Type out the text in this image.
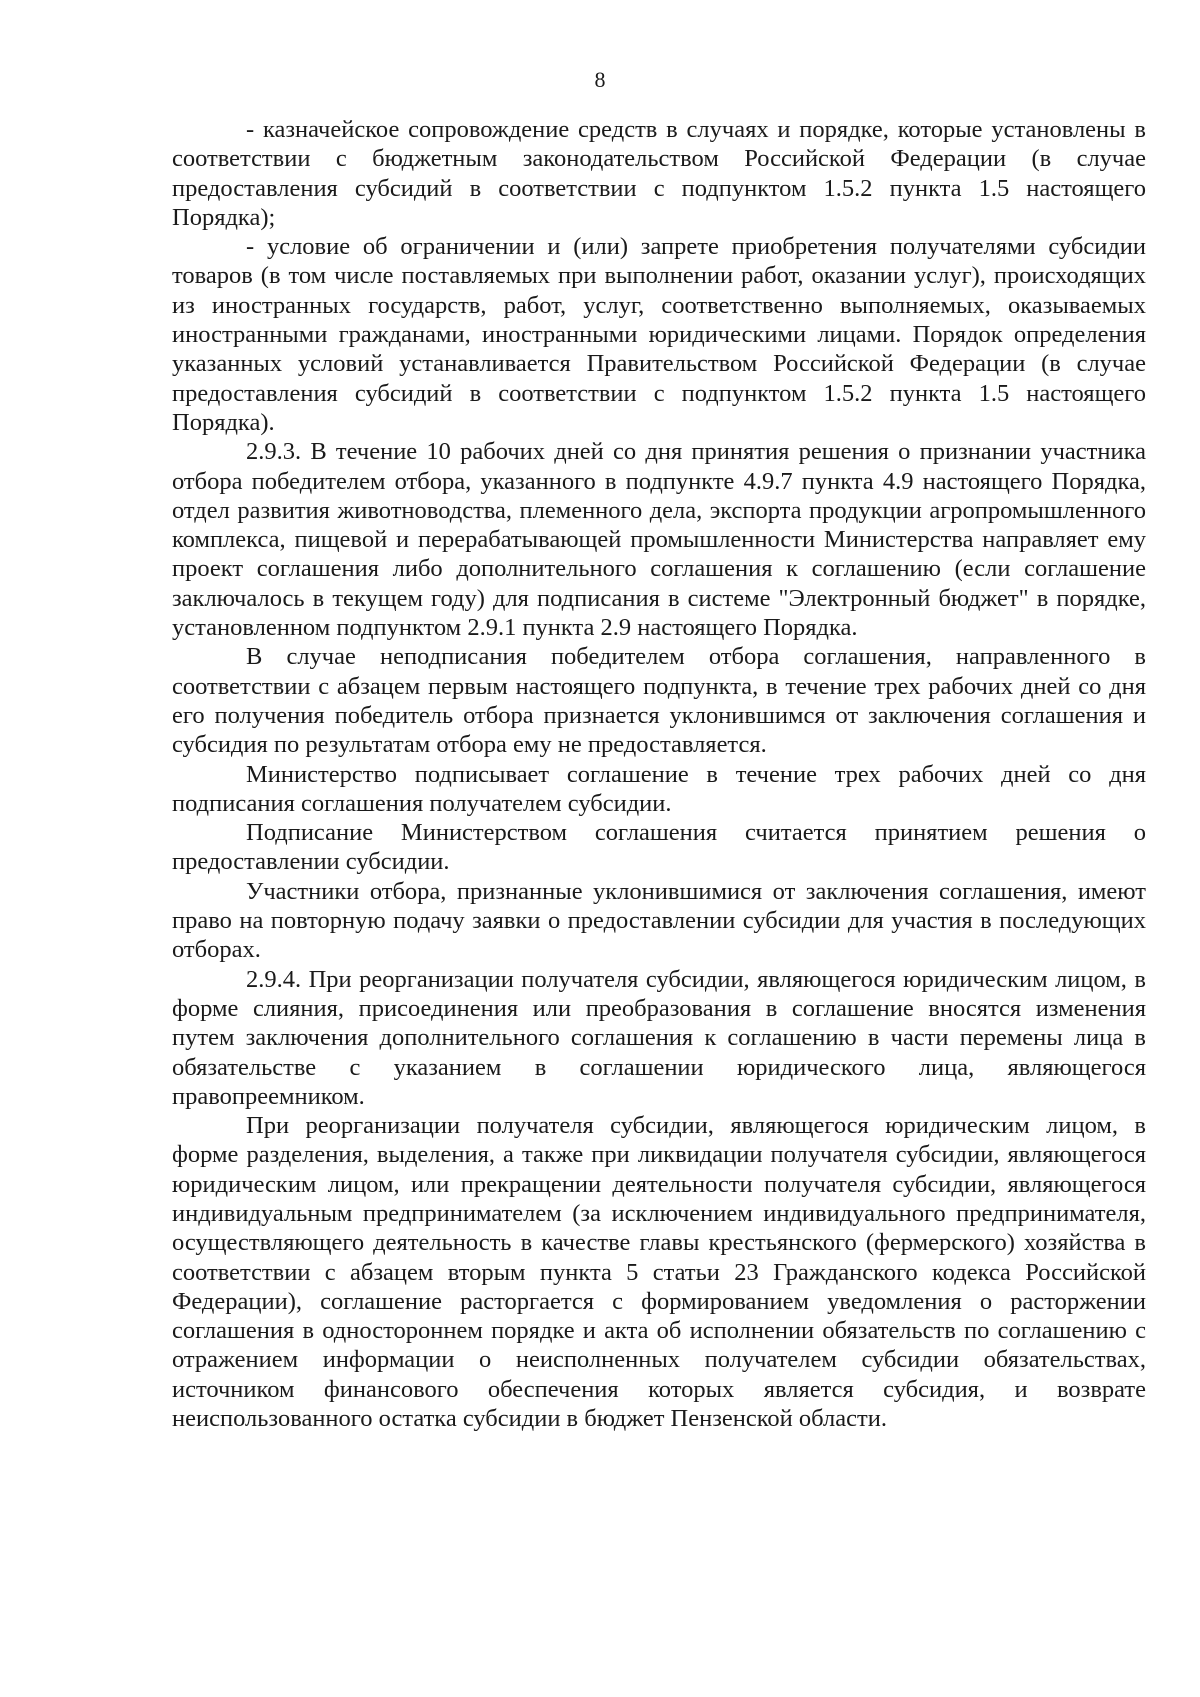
8

- казначейское сопровождение средств в случаях и порядке, которые установлены в соответствии с бюджетным законодательством Российской Федерации (в случае предоставления субсидий в соответствии с подпунктом 1.5.2 пункта 1.5 настоящего Порядка);

- условие об ограничении и (или) запрете приобретения получателями субсидии товаров (в том числе поставляемых при выполнении работ, оказании услуг), происходящих из иностранных государств, работ, услуг, соответственно выполняемых, оказываемых иностранными гражданами, иностранными юридическими лицами. Порядок определения указанных условий устанавливается Правительством Российской Федерации (в случае предоставления субсидий в соответствии с подпунктом 1.5.2 пункта 1.5 настоящего Порядка).

2.9.3. В течение 10 рабочих дней со дня принятия решения о признании участника отбора победителем отбора, указанного в подпункте 4.9.7 пункта 4.9 настоящего Порядка, отдел развития животноводства, племенного дела, экспорта продукции агропромышленного комплекса, пищевой и перерабатывающей промышленности Министерства направляет ему проект соглашения либо дополнительного соглашения к соглашению (если соглашение заключалось в текущем году) для подписания в системе "Электронный бюджет" в порядке, установленном подпунктом 2.9.1 пункта 2.9 настоящего Порядка.

В случае неподписания победителем отбора соглашения, направленного в соответствии с абзацем первым настоящего подпункта, в течение трех рабочих дней со дня его получения победитель отбора признается уклонившимся от заключения соглашения и субсидия по результатам отбора ему не предоставляется.

Министерство подписывает соглашение в течение трех рабочих дней со дня подписания соглашения получателем субсидии.

Подписание Министерством соглашения считается принятием решения о предоставлении субсидии.

Участники отбора, признанные уклонившимися от заключения соглашения, имеют право на повторную подачу заявки о предоставлении субсидии для участия в последующих отборах.

2.9.4. При реорганизации получателя субсидии, являющегося юридическим лицом, в форме слияния, присоединения или преобразования в соглашение вносятся изменения путем заключения дополнительного соглашения к соглашению в части перемены лица в обязательстве с указанием в соглашении юридического лица, являющегося правопреемником.

При реорганизации получателя субсидии, являющегося юридическим лицом, в форме разделения, выделения, а также при ликвидации получателя субсидии, являющегося юридическим лицом, или прекращении деятельности получателя субсидии, являющегося индивидуальным предпринимателем (за исключением индивидуального предпринимателя, осуществляющего деятельность в качестве главы крестьянского (фермерского) хозяйства в соответствии с абзацем вторым пункта 5 статьи 23 Гражданского кодекса Российской Федерации), соглашение расторгается с формированием уведомления о расторжении соглашения в одностороннем порядке и акта об исполнении обязательств по соглашению с отражением информации о неисполненных получателем субсидии обязательствах, источником финансового обеспечения которых является субсидия, и возврате неиспользованного остатка субсидии в бюджет Пензенской области.
